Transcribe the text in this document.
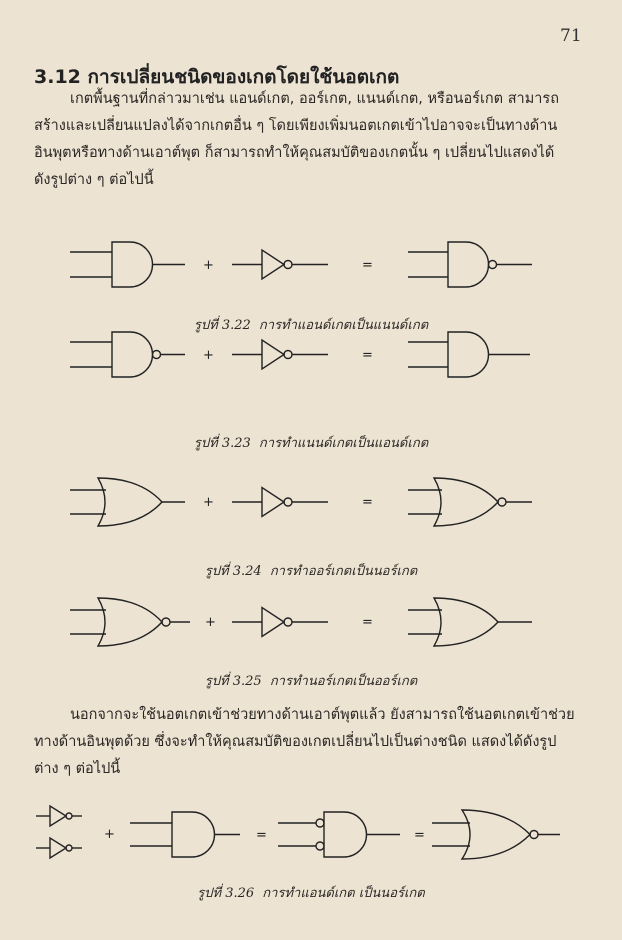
71
3.12 การเปลี่ยนชนิดของเกตโดยใช้นอตเกต
เกตพื้นฐานที่กล่าวมาเช่น แอนด์เกต, ออร์เกต, แนนด์เกต, หรือนอร์เกต สามารถ
สร้างและเปลี่ยนแปลงได้จากเกตอื่น ๆ โดยเพียงเพิ่มนอตเกตเข้าไปอาจจะเป็นทางด้าน
อินพุตหรือทางด้านเอาต์พุต ก็สามารถทำให้คุณสมบัติของเกตนั้น ๆ เปลี่ยนไปแสดงได้
ดังรูปต่าง ๆ ต่อไปนี้
+	=
รูปที่ 3.22 การทำแอนด์เกตเป็นแนนด์เกต
+	=
รูปที่ 3.23 การทำแนนด์เกตเป็นแอนด์เกต
+	=
รูปที่ 3.24 การทำออร์เกตเป็นนอร์เกต
+	=
รูปที่ 3.25 การทำนอร์เกตเป็นออร์เกต
นอกจากจะใช้นอตเกตเข้าช่วยทางด้านเอาต์พุตแล้ว ยังสามารถใช้นอตเกตเข้าช่วย
ทางด้านอินพุตด้วย ซึ่งจะทำให้คุณสมบัติของเกตเปลี่ยนไปเป็นต่างชนิด แสดงได้ดังรูป
ต่าง ๆ ต่อไปนี้
+	=	=
รูปที่ 3.26 การทำแอนด์เกต เป็นนอร์เกต
